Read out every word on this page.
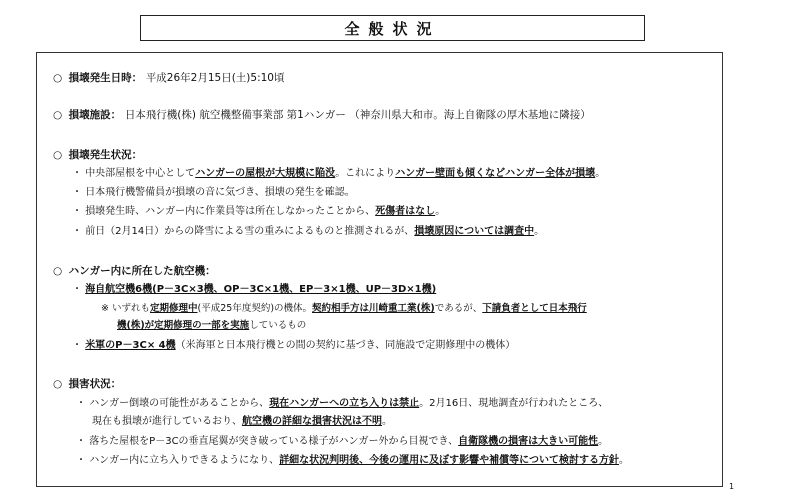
全般状況
○ 損壊発生日時： 平成26年2月15日(土)5:10頃
○ 損壊施設： 日本飛行機(株) 航空機整備事業部 第1ハンガー （神奈川県大和市。海上自衛隊の厚木基地に隣接）
○ 損壊発生状況：
・ 中央部屋根を中心としてハンガーの屋根が大規模に陥没。これによりハンガー壁面も傾くなどハンガー全体が損壊。
・ 日本飛行機警備員が損壊の音に気づき、損壊の発生を確認。
・ 損壊発生時、ハンガー内に作業員等は所在しなかったことから、死傷者はなし。
・ 前日（2月14日）からの降雪による雪の重みによるものと推測されるが、損壊原因については調査中。
○ ハンガー内に所在した航空機：
・ 海自航空機6機(P－3C×3機、OP－3C×1機、EP－3×1機、UP－3D×1機)
※ いずれも定期修理中(平成25年度契約)の機体。契約相手方は川崎重工業(株)であるが、下請負者として日本飛行
機(株)が定期修理の一部を実施しているもの
・ 米軍のP－3C× 4機（米海軍と日本飛行機との間の契約に基づき、同施設で定期修理中の機体）
○ 損害状況：
・ ハンガー倒壊の可能性があることから、現在ハンガーへの立ち入りは禁止。2月16日、現地調査が行われたところ、
現在も損壊が進行しているおり、航空機の詳細な損害状況は不明。
・ 落ちた屋根をP－3Cの垂直尾翼が突き破っている様子がハンガー外から目視でき、自衛隊機の損害は大きい可能性。
・ ハンガー内に立ち入りできるようになり、詳細な状況判明後、今後の運用に及ぼす影響や補償等について検討する方針。
1
